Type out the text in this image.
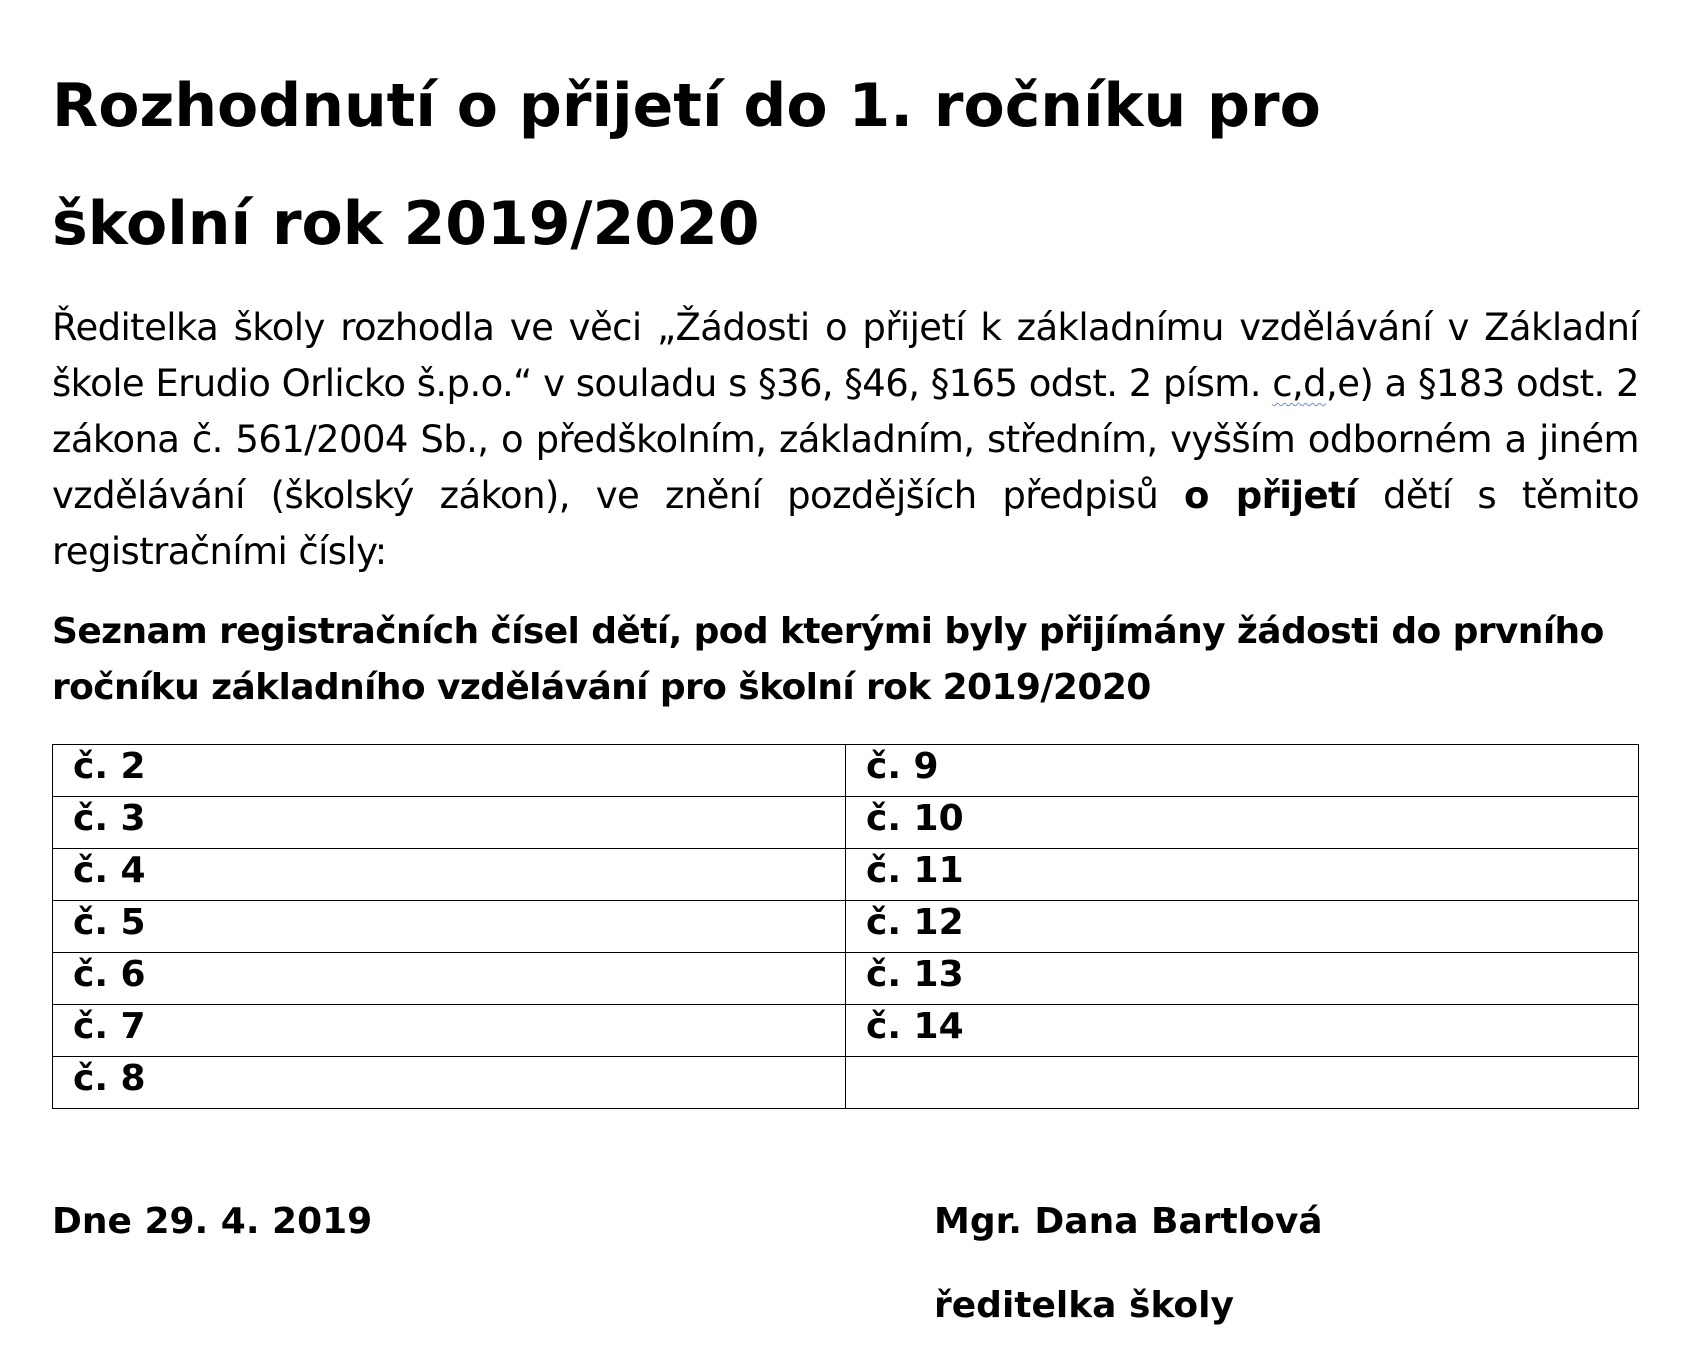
Rozhodnutí o přijetí do 1. ročníku pro
školní rok 2019/2020
Ředitelka školy rozhodla ve věci „Žádosti o přijetí k základnímu vzdělávání v Základní škole Erudio Orlicko š.p.o.“ v souladu s §36, §46, §165 odst. 2 písm. c,d,e) a §183 odst. 2 zákona č. 561/2004 Sb., o předškolním, základním, středním, vyšším odborném a jiném vzdělávání (školský zákon), ve znění pozdějších předpisů o přijetí dětí s těmito registračními čísly:
Seznam registračních čísel dětí, pod kterými byly přijímány žádosti do prvního ročníku základního vzdělávání pro školní rok 2019/2020
č. 2	č. 9
č. 3	č. 10
č. 4	č. 11
č. 5	č. 12
č. 6	č. 13
č. 7	č. 14
č. 8	
Dne 29. 4. 2019	Mgr. Dana Bartlová
ředitelka školy
